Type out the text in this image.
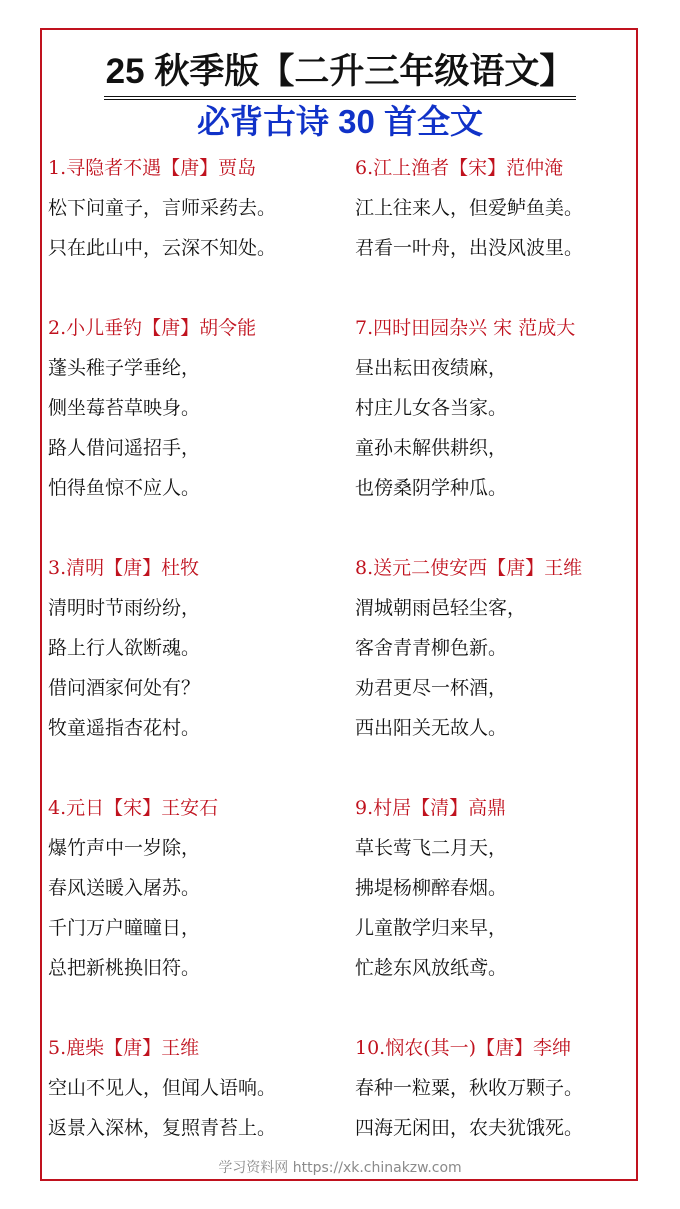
25 秋季版【二升三年级语文】
必背古诗 30 首全文
1.寻隐者不遇【唐】贾岛
松下问童子，言师采药去。
只在此山中，云深不知处。
6.江上渔者【宋】范仲淹
江上往来人，但爱鲈鱼美。
君看一叶舟，出没风波里。
2.小儿垂钓【唐】胡令能
蓬头稚子学垂纶，
侧坐莓苔草映身。
路人借问遥招手，
怕得鱼惊不应人。
7.四时田园杂兴 宋 范成大
昼出耘田夜绩麻，
村庄儿女各当家。
童孙未解供耕织，
也傍桑阴学种瓜。
3.清明【唐】杜牧
清明时节雨纷纷，
路上行人欲断魂。
借问酒家何处有？
牧童遥指杏花村。
8.送元二使安西【唐】王维
渭城朝雨邑轻尘客，
客舍青青柳色新。
劝君更尽一杯酒，
西出阳关无故人。
4.元日【宋】王安石
爆竹声中一岁除，
春风送暖入屠苏。
千门万户曈曈日，
总把新桃换旧符。
9.村居【清】高鼎
草长莺飞二月天，
拂堤杨柳醉春烟。
儿童散学归来早，
忙趁东风放纸鸢。
5.鹿柴【唐】王维
空山不见人，但闻人语响。
返景入深林，复照青苔上。
10.悯农(其一)【唐】李绅
春种一粒粟，秋收万颗子。
四海无闲田，农夫犹饿死。
学习资料网 https://xk.chinakzw.com
